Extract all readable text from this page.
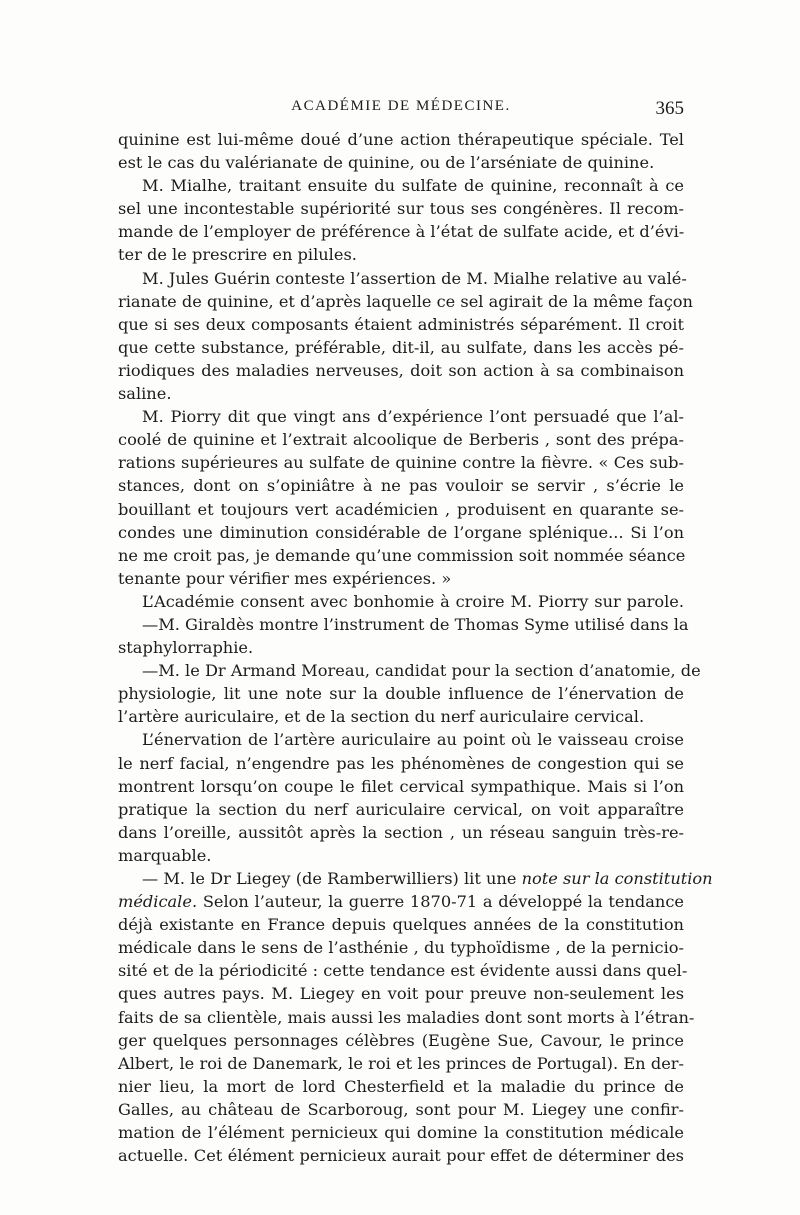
ACADÉMIE DE MÉDECINE.	365
quinine est lui-même doué d’une action thérapeutique spéciale. Tel
est le cas du valérianate de quinine, ou de l’arséniate de quinine.
M. Mialhe, traitant ensuite du sulfate de quinine, reconnaît à ce
sel une incontestable supériorité sur tous ses congénères. Il recom-
mande de l’employer de préférence à l’état de sulfate acide, et d’évi-
ter de le prescrire en pilules.
M. Jules Guérin conteste l’assertion de M. Mialhe relative au valé-
rianate de quinine, et d’après laquelle ce sel agirait de la même façon
que si ses deux composants étaient administrés séparément. Il croit
que cette substance, préférable, dit-il, au sulfate, dans les accès pé-
riodiques des maladies nerveuses, doit son action à sa combinaison
saline.
M. Piorry dit que vingt ans d’expérience l’ont persuadé que l’al-
coolé de quinine et l’extrait alcoolique de Berberis , sont des prépa-
rations supérieures au sulfate de quinine contre la fièvre. « Ces sub-
stances, dont on s’opiniâtre à ne pas vouloir se servir , s’écrie le
bouillant et toujours vert académicien , produisent en quarante se-
condes une diminution considérable de l’organe splénique... Si l’on
ne me croit pas, je demande qu’une commission soit nommée séance
tenante pour vérifier mes expériences. »
L’Académie consent avec bonhomie à croire M. Piorry sur parole.
—M. Giraldès montre l’instrument de Thomas Syme utilisé dans la
staphylorraphie.
—M. le Dr Armand Moreau, candidat pour la section d’anatomie, de
physiologie, lit une note sur la double influence de l’énervation de
l’artère auriculaire, et de la section du nerf auriculaire cervical.
L’énervation de l’artère auriculaire au point où le vaisseau croise
le nerf facial, n’engendre pas les phénomènes de congestion qui se
montrent lorsqu’on coupe le filet cervical sympathique. Mais si l’on
pratique la section du nerf auriculaire cervical, on voit apparaître
dans l’oreille, aussitôt après la section , un réseau sanguin très-re-
marquable.
— M. le Dr Liegey (de Ramberwilliers) lit une note sur la constitution
médicale. Selon l’auteur, la guerre 1870-71 a développé la tendance
déjà existante en France depuis quelques années de la constitution
médicale dans le sens de l’asthénie , du typhoïdisme , de la pernicio-
sité et de la périodicité : cette tendance est évidente aussi dans quel-
ques autres pays. M. Liegey en voit pour preuve non-seulement les
faits de sa clientèle, mais aussi les maladies dont sont morts à l’étran-
ger quelques personnages célèbres (Eugène Sue, Cavour, le prince
Albert, le roi de Danemark, le roi et les princes de Portugal). En der-
nier lieu, la mort de lord Chesterfield et la maladie du prince de
Galles, au château de Scarboroug, sont pour M. Liegey une confir-
mation de l’élément pernicieux qui domine la constitution médicale
actuelle. Cet élément pernicieux aurait pour effet de déterminer des
